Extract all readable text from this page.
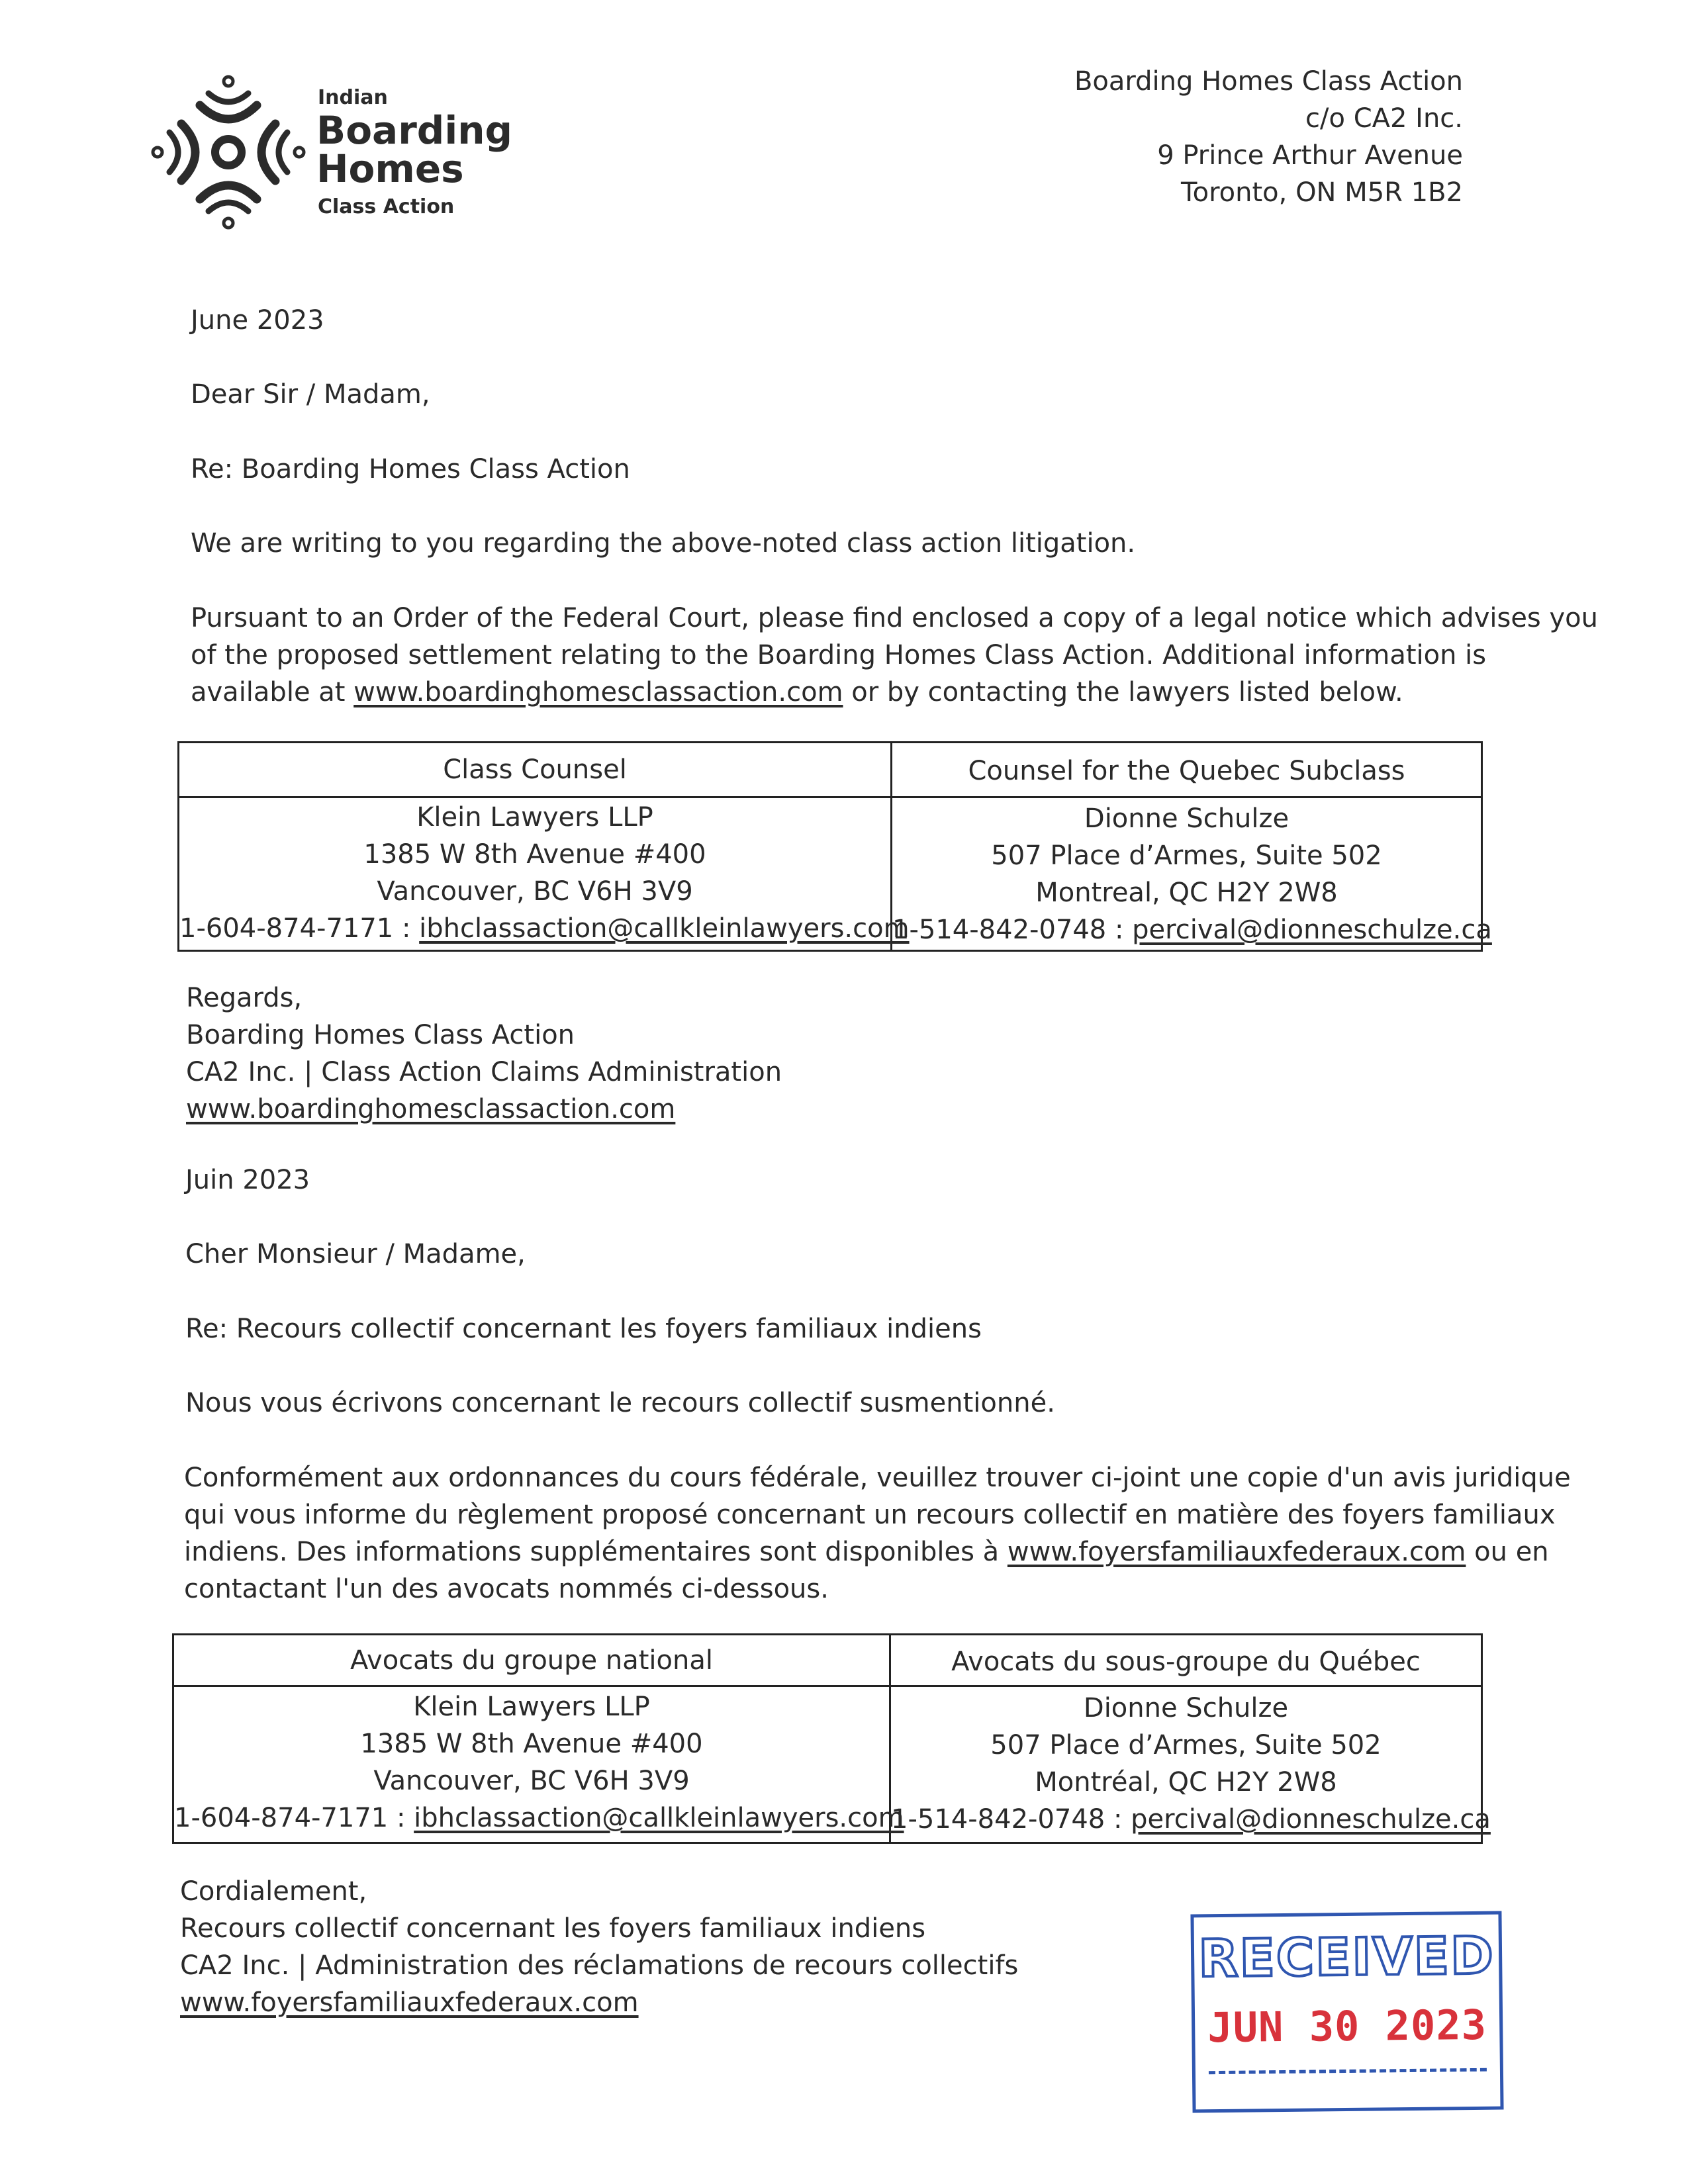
Indian
Boarding
Homes
Class Action
Boarding Homes Class Action
c/o CA2 Inc.
9 Prince Arthur Avenue
Toronto, ON M5R 1B2
June 2023
Dear Sir / Madam,
Re: Boarding Homes Class Action
We are writing to you regarding the above-noted class action litigation.
Pursuant to an Order of the Federal Court, please find enclosed a copy of a legal notice which advises you
of the proposed settlement relating to the Boarding Homes Class Action. Additional information is
available at www.boardinghomesclassaction.com or by contacting the lawyers listed below.
Class Counsel	Counsel for the Quebec Subclass
Klein Lawyers LLP
1385 W 8th Avenue #400
Vancouver, BC V6H 3V9
1-604-874-7171 : ibhclassaction@callkleinlawyers.com
Dionne Schulze
507 Place d’Armes, Suite 502
Montreal, QC H2Y 2W8
1-514-842-0748 : percival@dionneschulze.ca
Regards,
Boarding Homes Class Action
CA2 Inc. | Class Action Claims Administration
www.boardinghomesclassaction.com
Juin 2023
Cher Monsieur / Madame,
Re: Recours collectif concernant les foyers familiaux indiens
Nous vous écrivons concernant le recours collectif susmentionné.
Conformément aux ordonnances du cours fédérale, veuillez trouver ci-joint une copie d'un avis juridique
qui vous informe du règlement proposé concernant un recours collectif en matière des foyers familiaux
indiens. Des informations supplémentaires sont disponibles à www.foyersfamiliauxfederaux.com ou en
contactant l'un des avocats nommés ci-dessous.
Avocats du groupe national	Avocats du sous-groupe du Québec
Klein Lawyers LLP
1385 W 8th Avenue #400
Vancouver, BC V6H 3V9
1-604-874-7171 : ibhclassaction@callkleinlawyers.com
Dionne Schulze
507 Place d’Armes, Suite 502
Montréal, QC H2Y 2W8
1-514-842-0748 : percival@dionneschulze.ca
Cordialement,
Recours collectif concernant les foyers familiaux indiens
CA2 Inc. | Administration des réclamations de recours collectifs
www.foyersfamiliauxfederaux.com
RECEIVED
JUN 30 2023
